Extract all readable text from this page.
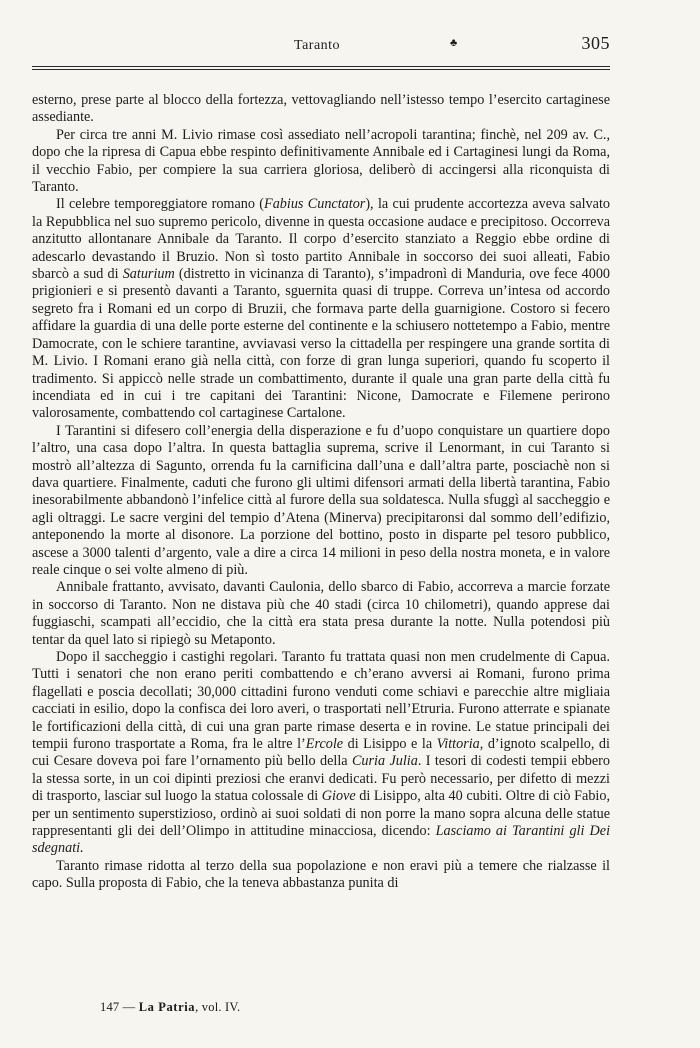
Taranto	♣	305

esterno, prese parte al blocco della fortezza, vettovagliando nell’istesso tempo l’esercito cartaginese assediante.

Per circa tre anni M. Livio rimase così assediato nell’acropoli tarantina; finchè, nel 209 av. C., dopo che la ripresa di Capua ebbe respinto definitivamente Annibale ed i Cartaginesi lungi da Roma, il vecchio Fabio, per compiere la sua carriera gloriosa, deliberò di accingersi alla riconquista di Taranto.

Il celebre temporeggiatore romano (Fabius Cunctator), la cui prudente accortezza aveva salvato la Repubblica nel suo supremo pericolo, divenne in questa occasione audace e precipitoso. Occorreva anzitutto allontanare Annibale da Taranto. Il corpo d’esercito stanziato a Reggio ebbe ordine di adescarlo devastando il Bruzio. Non sì tosto partito Annibale in soccorso dei suoi alleati, Fabio sbarcò a sud di Saturium (distretto in vicinanza di Taranto), s’impadronì di Manduria, ove fece 4000 prigionieri e si presentò davanti a Taranto, sguernita quasi di truppe. Correva un’intesa od accordo segreto fra i Romani ed un corpo di Bruzii, che formava parte della guarnigione. Costoro si fecero affidare la guardia di una delle porte esterne del continente e la schiusero nottetempo a Fabio, mentre Damocrate, con le schiere tarantine, avviavasi verso la cittadella per respingere una grande sortita di M. Livio. I Romani erano già nella città, con forze di gran lunga superiori, quando fu scoperto il tradimento. Si appiccò nelle strade un combattimento, durante il quale una gran parte della città fu incendiata ed in cui i tre capitani dei Tarantini: Nicone, Damocrate e Filemene perirono valorosamente, combattendo col cartaginese Cartalone.

I Tarantini si difesero coll’energia della disperazione e fu d’uopo conquistare un quartiere dopo l’altro, una casa dopo l’altra. In questa battaglia suprema, scrive il Lenormant, in cui Taranto si mostrò all’altezza di Sagunto, orrenda fu la carnificina dall’una e dall’altra parte, posciachè non si dava quartiere. Finalmente, caduti che furono gli ultimi difensori armati della libertà tarantina, Fabio inesorabilmente abbandonò l’infelice città al furore della sua soldatesca. Nulla sfuggì al saccheggio e agli oltraggi. Le sacre vergini del tempio d’Atena (Minerva) precipitaronsi dal sommo dell’edifizio, anteponendo la morte al disonore. La porzione del bottino, posto in disparte pel tesoro pubblico, ascese a 3000 talenti d’argento, vale a dire a circa 14 milioni in peso della nostra moneta, e in valore reale cinque o sei volte almeno di più.

Annibale frattanto, avvisato, davanti Caulonia, dello sbarco di Fabio, accorreva a marcie forzate in soccorso di Taranto. Non ne distava più che 40 stadi (circa 10 chilometri), quando apprese dai fuggiaschi, scampati all’eccidio, che la città era stata presa durante la notte. Nulla potendosi più tentar da quel lato si ripiegò su Metaponto.

Dopo il saccheggio i castighi regolari. Taranto fu trattata quasi non men crudelmente di Capua. Tutti i senatori che non erano periti combattendo e ch’erano avversi ai Romani, furono prima flagellati e poscia decollati; 30,000 cittadini furono venduti come schiavi e parecchie altre migliaia cacciati in esilio, dopo la confisca dei loro averi, o trasportati nell’Etruria. Furono atterrate e spianate le fortificazioni della città, di cui una gran parte rimase deserta e in rovine. Le statue principali dei tempii furono trasportate a Roma, fra le altre l’Ercole di Lisippo e la Vittoria, d’ignoto scalpello, di cui Cesare doveva poi fare l’ornamento più bello della Curia Julia. I tesori di codesti tempii ebbero la stessa sorte, in un coi dipinti preziosi che eranvi dedicati. Fu però necessario, per difetto di mezzi di trasporto, lasciar sul luogo la statua colossale di Giove di Lisippo, alta 40 cubiti. Oltre di ciò Fabio, per un sentimento superstizioso, ordinò ai suoi soldati di non porre la mano sopra alcuna delle statue rappresentanti gli dei dell’Olimpo in attitudine minacciosa, dicendo: Lasciamo ai Tarantini gli Dei sdegnati.

Taranto rimase ridotta al terzo della sua popolazione e non eravi più a temere che rialzasse il capo. Sulla proposta di Fabio, che la teneva abbastanza punita di

147 — La Patria, vol. IV.
